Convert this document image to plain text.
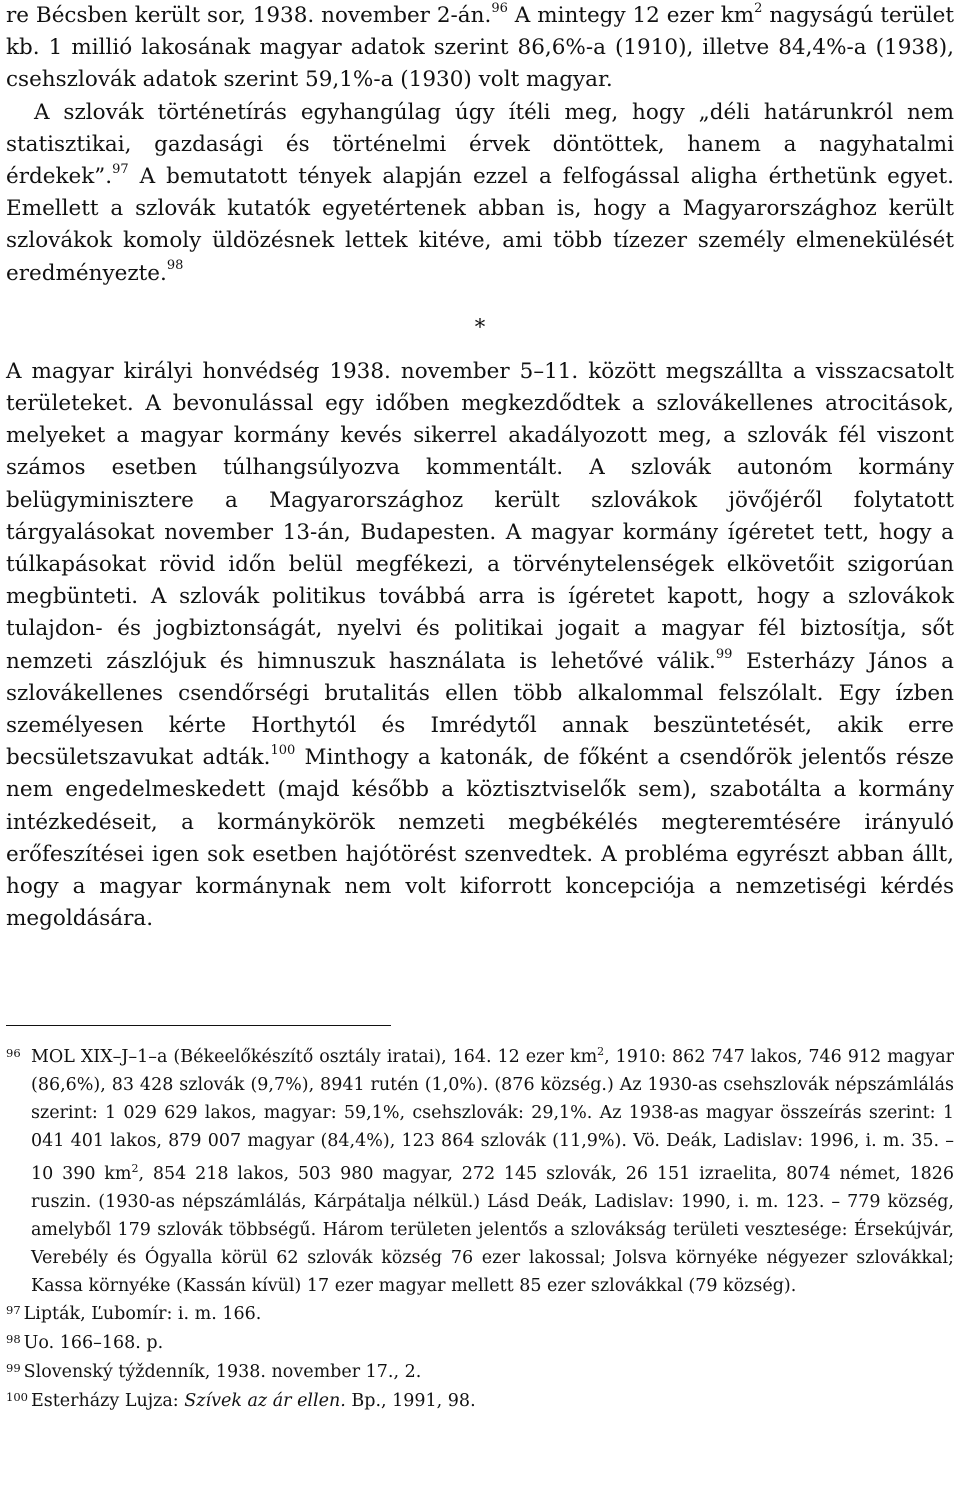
re Bécsben került sor, 1938. november 2-án.$^{96}$ A mintegy 12 ezer km$^2$ nagyságú terület kb. 1 millió lakosának magyar adatok szerint 86,6%-a (1910), illetve 84,4%-a (1938), csehszlovák adatok szerint 59,1%-a (1930) volt magyar.

A szlovák történetírás egyhangúlag úgy ítéli meg, hogy „déli határunkról nem statisztikai, gazdasági és történelmi érvek döntöttek, hanem a nagyhatalmi érdekek”.$^{97}$ A bemutatott tények alapján ezzel a felfogással aligha érthetünk egyet. Emellett a szlovák kutatók egyetértenek abban is, hogy a Magyarországhoz került szlovákok komoly üldözésnek lettek kitéve, ami több tízezer személy elmenekülését eredményezte.$^{98}$

*

A magyar királyi honvédség 1938. november 5–11. között megszállta a visszacsatolt területeket. A bevonulással egy időben megkezdődtek a szlovákellenes atrocitások, melyeket a magyar kormány kevés sikerrel akadályozott meg, a szlovák fél viszont számos esetben túlhangsúlyozva kommentált. A szlovák autonóm kormány belügyminisztere a Magyarországhoz került szlovákok jövőjéről folytatott tárgyalásokat november 13-án, Budapesten. A magyar kormány ígéretet tett, hogy a túlkapásokat rövid időn belül megfékezi, a törvénytelenségek elkövetőit szigorúan megbünteti. A szlovák politikus továbbá arra is ígéretet kapott, hogy a szlovákok tulajdon- és jogbiztonságát, nyelvi és politikai jogait a magyar fél biztosítja, sőt nemzeti zászlójuk és himnuszuk használata is lehetővé válik.$^{99}$ Esterházy János a szlovákellenes csendőrségi brutalitás ellen több alkalommal felszólalt. Egy ízben személyesen kérte Horthytól és Imrédytől annak beszüntetését, akik erre becsületszavukat adták.$^{100}$ Minthogy a katonák, de főként a csendőrök jelentős része nem engedelmeskedett (majd később a köztisztviselők sem), szabotálta a kormány intézkedéseit, a kormánykörök nemzeti megbékélés megteremtésére irányuló erőfeszítései igen sok esetben hajótörést szenvedtek. A probléma egyrészt abban állt, hogy a magyar kormánynak nem volt kiforrott koncepciója a nemzetiségi kérdés megoldására.

96 MOL XIX–J–1–a (Békeelőkészítő osztály iratai), 164. 12 ezer $km^2$, 1910: 862 747 lakos, 746 912 magyar (86,6%), 83 428 szlovák (9,7%), 8941 rutén (1,0%). (876 község.) Az 1930-as csehszlovák népszámlálás szerint: 1 029 629 lakos, magyar: 59,1%, csehszlovák: 29,1%. Az 1938-as magyar összeírás szerint: 1 041 401 lakos, 879 007 magyar (84,4%), 123 864 szlovák (11,9%). Vö. Deák, Ladislav: 1996, i. m. 35. – 10 390 $km^2$, 854 218 lakos, 503 980 magyar, 272 145 szlovák, 26 151 izraelita, 8074 német, 1826 ruszin. (1930-as népszámlálás, Kárpátalja nélkül.) Lásd Deák, Ladislav: 1990, i. m. 123. – 779 község, amelyből 179 szlovák többségű. Három területen jelentős a szlovákság területi vesztesége: Érsekújvár, Verebély és Ógyalla körül 62 szlovák község 76 ezer lakossal; Jolsva környéke négyezer szlovákkal; Kassa környéke (Kassán kívül) 17 ezer magyar mellett 85 ezer szlovákkal (79 község).
97 Lipták, Ľubomír: i. m. 166.
98 Uo. 166–168. p.
99 Slovenský týždenník, 1938. november 17., 2.
100 Esterházy Lujza: Szívek az ár ellen. Bp., 1991, 98.
